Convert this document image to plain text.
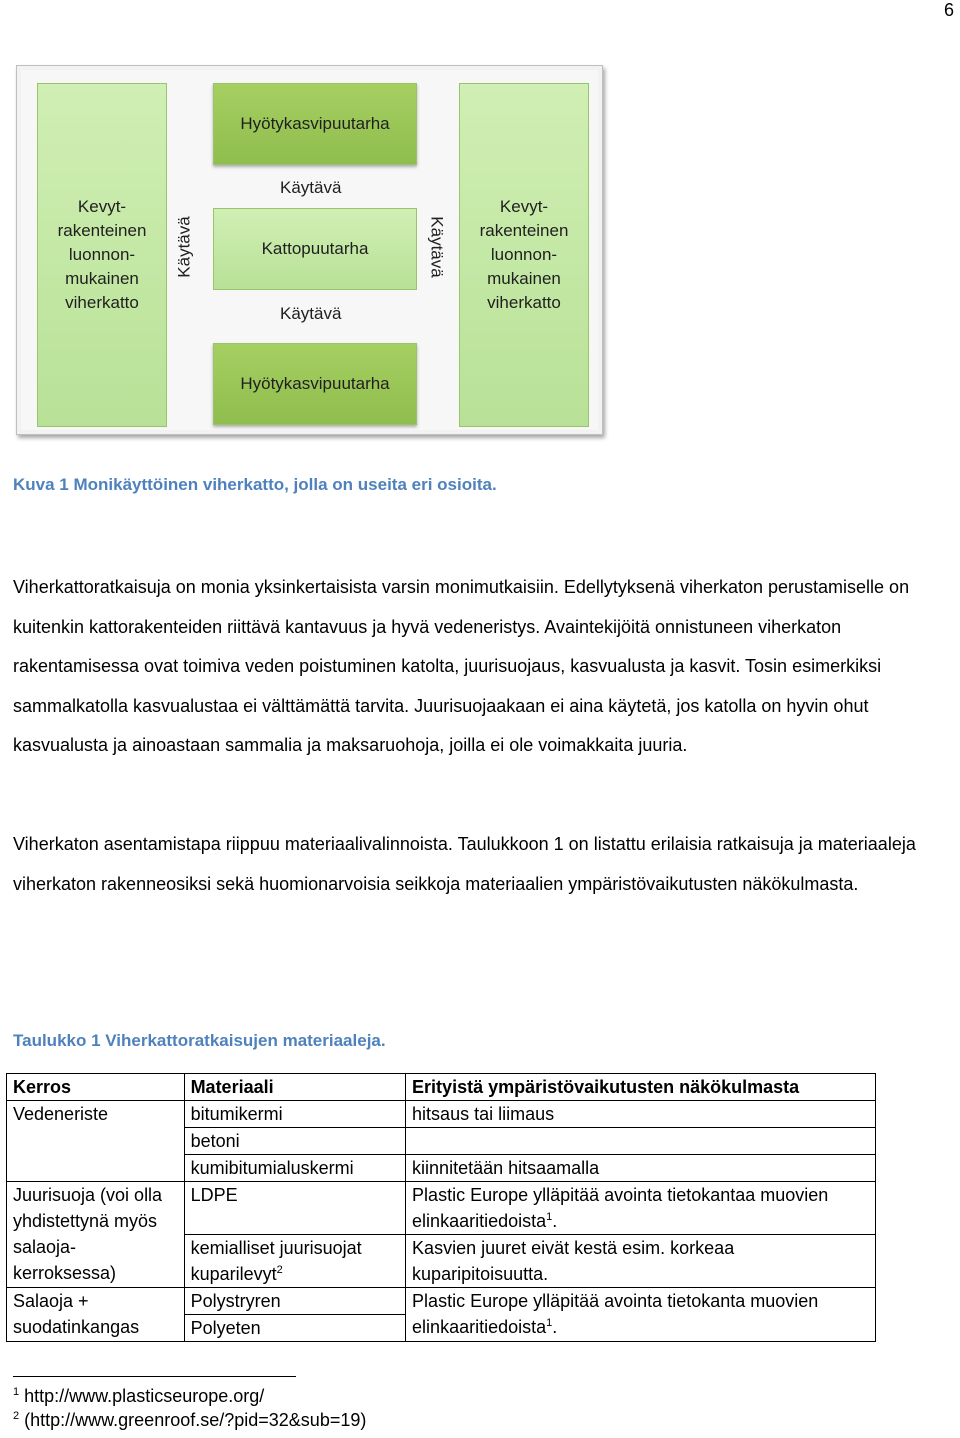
6
Hyötykasvipuutarha
Käytävä
Kattopuutarha
Käytävä
Hyötykasvipuutarha
Kevyt-
rakenteinen
luonnon-
mukainen
viherkatto
Käytävä
Kevyt-
rakenteinen
luonnon-
mukainen
viherkatto
Käytävä
Kuva 1 Monikäyttöinen viherkatto, jolla on useita eri osioita.

Viherkattoratkaisuja on monia yksinkertaisista varsin monimutkaisiin. Edellytyksenä viherkaton perustamiselle on kuitenkin kattorakenteiden riittävä kantavuus ja hyvä vedeneristys. Avaintekijöitä onnistuneen viherkaton rakentamisessa ovat toimiva veden poistuminen katolta, juurisuojaus, kasvualusta ja kasvit. Tosin esimerkiksi sammalkatolla kasvualustaa ei välttämättä tarvita. Juurisuojaakaan ei aina käytetä, jos katolla on hyvin ohut kasvualusta ja ainoastaan sammalia ja maksaruohoja, joilla ei ole voimakkaita juuria.

Viherkaton asentamistapa riippuu materiaalivalinnoista. Taulukkoon 1 on listattu erilaisia ratkaisuja ja materiaaleja viherkaton rakenneosiksi sekä huomionarvoisia seikkoja materiaalien ympäristövaikutusten näkökulmasta.

Taulukko 1 Viherkattoratkaisujen materiaaleja.
Kerros	Materiaali	Erityistä ympäristövaikutusten näkökulmasta
Vedeneriste	bitumikermi	hitsaus tai liimaus
	betoni	
	kumibitumialuskermi	kiinnitetään hitsaamalla
Juurisuoja (voi olla yhdistettynä myös salaoja-kerroksessa)	LDPE	Plastic Europe ylläpitää avointa tietokantaa muovien elinkaaritiedoista$^1$.
	kemialliset juurisuojat	Kasvien juuret eivät kestä esim. korkeaa kuparipitoisuutta.
	kuparilevyt$^2$
Salaoja + suodatinkangas	Polystryren	Plastic Europe ylläpitää avointa tietokanta muovien elinkaaritiedoista$^1$.
	Polyeten	
$^1$ http://www.plasticseurope.org/
$^2$ (http://www.greenroof.se/?pid=32&sub=19)
